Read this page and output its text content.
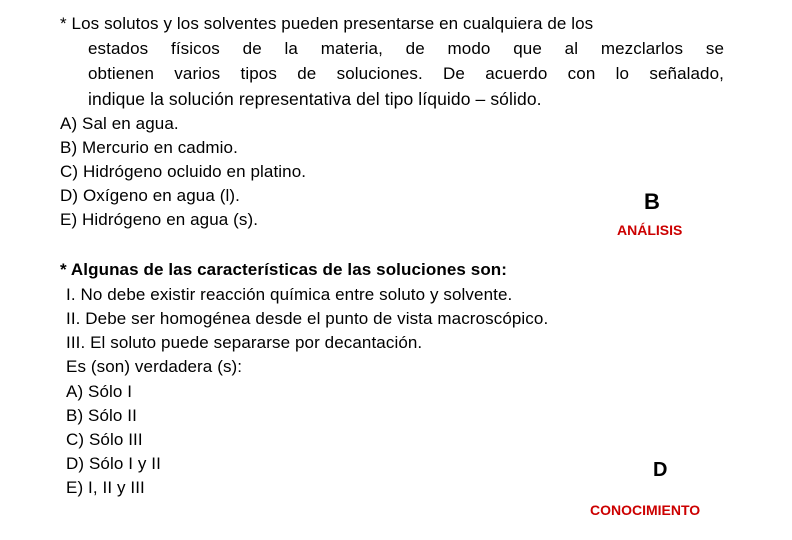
* Los solutos y los solventes pueden presentarse en cualquiera de los
estados físicos de la materia, de modo que al mezclarlos se
obtienen varios tipos de soluciones. De acuerdo con lo señalado,
indique la solución representativa del tipo líquido – sólido.
A) Sal en agua.
B) Mercurio en cadmio.
C) Hidrógeno ocluido en platino.
D) Oxígeno en agua (l).
E) Hidrógeno en agua (s).
B
ANÁLISIS
* Algunas de las características de las soluciones son:
I. No debe existir reacción química entre soluto y solvente.
II. Debe ser homogénea desde el punto de vista macroscópico.
III. El soluto puede separarse por decantación.
Es (son) verdadera (s):
A) Sólo I
B) Sólo II
C) Sólo III
D) Sólo I y II
E) I, II y III
D
CONOCIMIENTO
